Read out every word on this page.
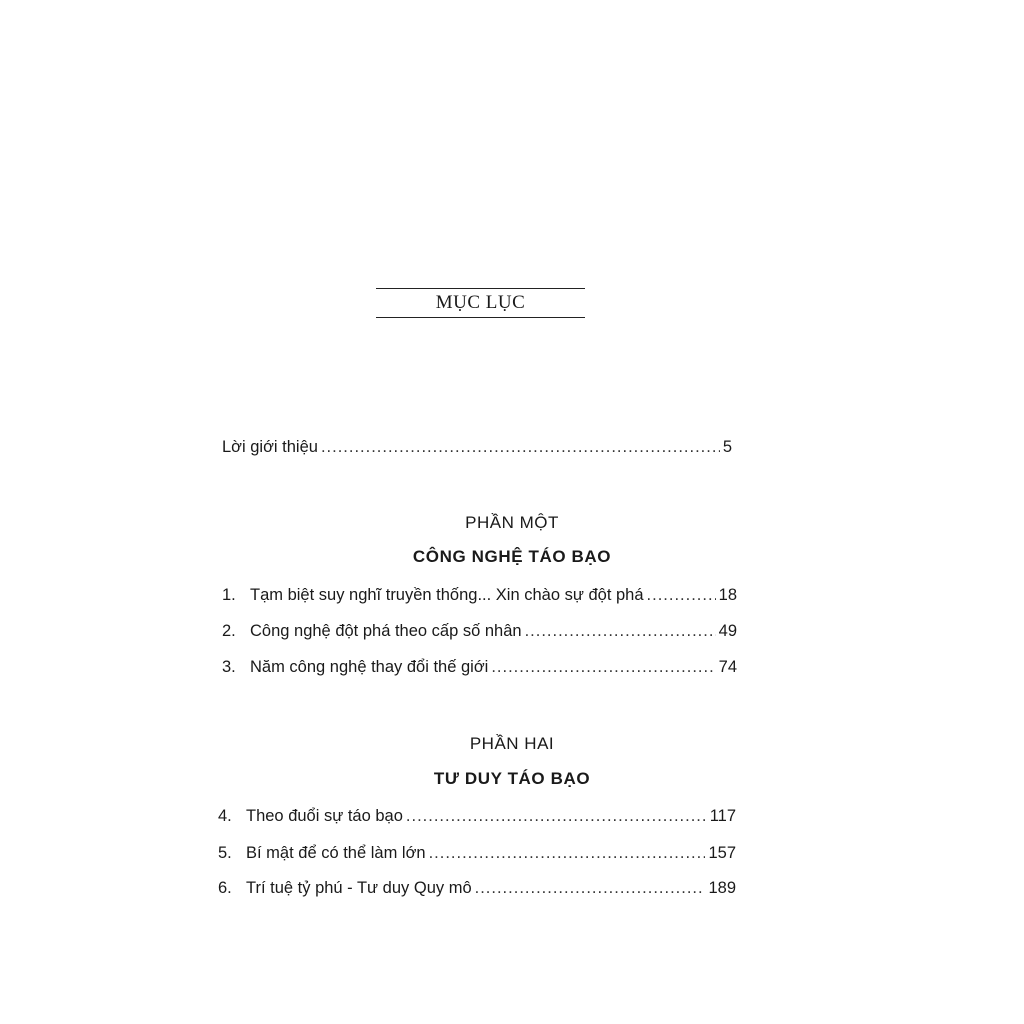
MỤC LỤC
Lời giới thiệu .....	5
PHẦN MỘT
CÔNG NGHỆ TÁO BẠO
1. Tạm biệt suy nghĩ truyền thống... Xin chào sự đột phá .....	18
2. Công nghệ đột phá theo cấp số nhân .....	49
3. Năm công nghệ thay đổi thế giới .....	74
PHẦN HAI
TƯ DUY TÁO BẠO
4. Theo đuổi sự táo bạo .....	117
5. Bí mật để có thể làm lớn .....	157
6. Trí tuệ tỷ phú - Tư duy Quy mô .....	189
